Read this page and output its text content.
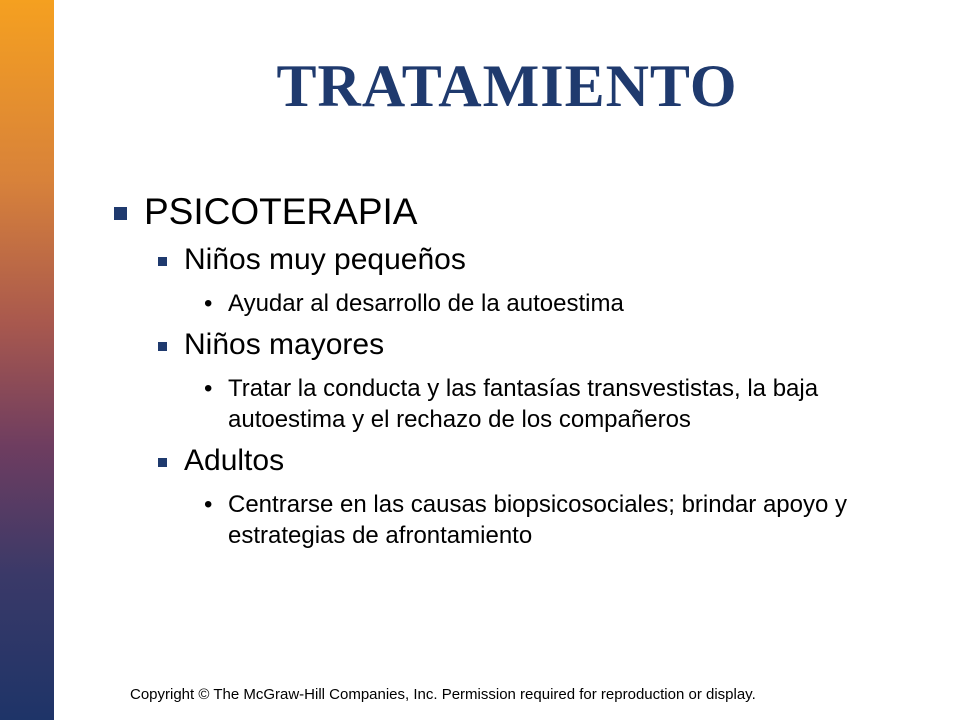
TRATAMIENTO
PSICOTERAPIA
Niños muy pequeños
• Ayudar al desarrollo de la autoestima
Niños mayores
• Tratar la conducta y las fantasías transvestistas, la baja autoestima y el rechazo de los compañeros
Adultos
• Centrarse en las causas biopsicosociales; brindar apoyo y estrategias de afrontamiento
Copyright © The McGraw-Hill Companies, Inc. Permission required for reproduction or display.
